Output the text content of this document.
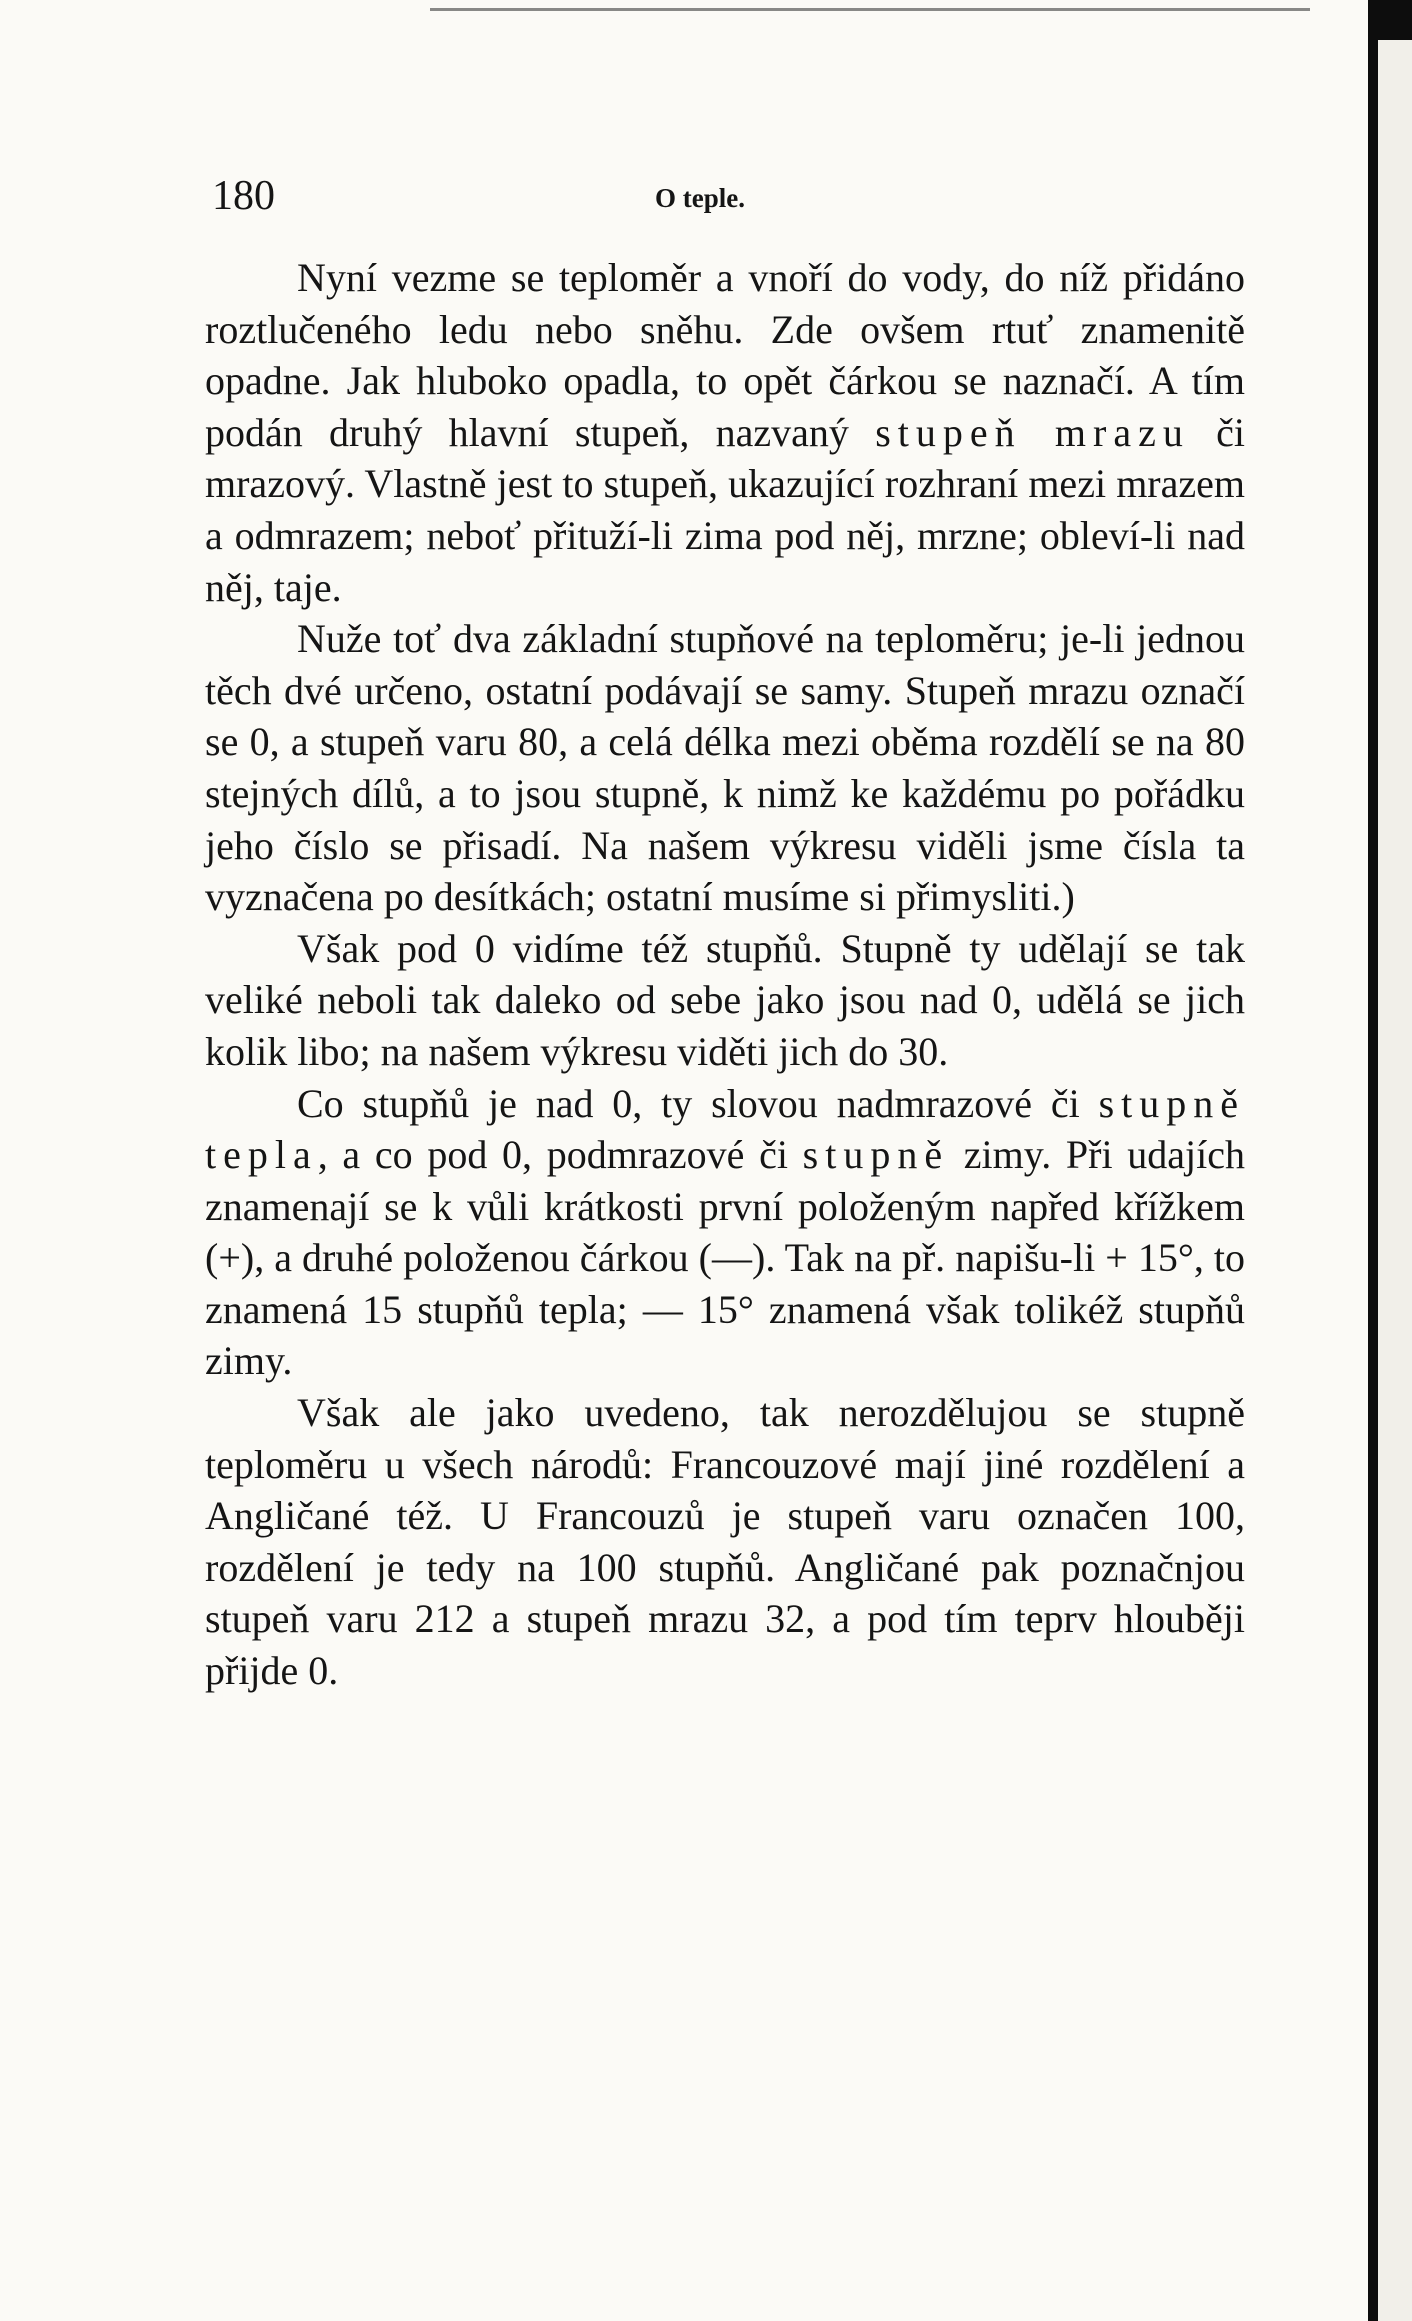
180	O teple.

Nyní vezme se teploměr a vnoří do vody, do níž přidáno roztlučeného ledu nebo sněhu. Zde ovšem rtuť znamenitě opadne. Jak hluboko opadla, to opět čárkou se naznačí. A tím podán druhý hlavní stupeň, nazvaný stupeň mrazu či mrazový. Vlastně jest to stupeň, ukazující rozhraní mezi mrazem a odmrazem; neboť přituží-li zima pod něj, mrzne; obleví-li nad něj, taje.

Nuže toť dva základní stupňové na teploměru; je-li jednou těch dvé určeno, ostatní podávají se samy. Stupeň mrazu označí se 0, a stupeň varu 80, a celá délka mezi oběma rozdělí se na 80 stejných dílů, a to jsou stupně, k nimž ke každému po pořádku jeho číslo se přisadí. Na našem výkresu viděli jsme čísla ta vyznačena po desítkách; ostatní musíme si přimysliti.)

Však pod 0 vidíme též stupňů. Stupně ty udělají se tak veliké neboli tak daleko od sebe jako jsou nad 0, udělá se jich kolik libo; na našem výkresu viděti jich do 30.

Co stupňů je nad 0, ty slovou nadmrazové či stupně tepla, a co pod 0, podmrazové či stupně zimy. Při udajích znamenají se k vůli krátkosti první položeným napřed křížkem (+), a druhé položenou čárkou (—). Tak na př. napišu-li + 15°, to znamená 15 stupňů tepla; — 15° znamená však tolikéž stupňů zimy.

Však ale jako uvedeno, tak nerozdělujou se stupně teploměru u všech národů: Francouzové mají jiné rozdělení a Angličané též. U Francouzů je stupeň varu označen 100, rozdělení je tedy na 100 stupňů. Angličané pak poznačnjou stupeň varu 212 a stupeň mrazu 32, a pod tím teprv hlouběji přijde 0.
